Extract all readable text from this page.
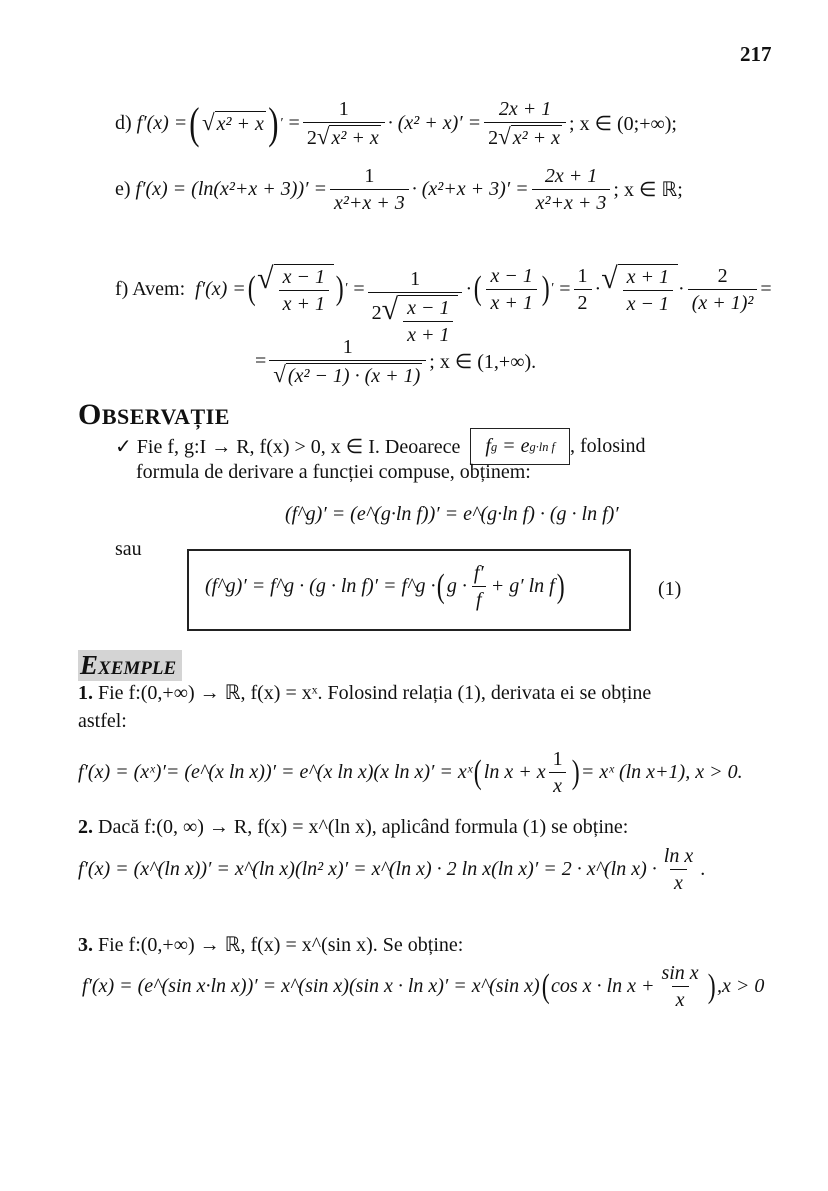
217
d)
f′(x) = ( √ x² + x ) ′ = $\frac{1}{\text{2 √ x² + x}} \cdot (x^2 + x)' = \frac{2x + 1}{\text{2 √ x² + x}}$ ; x ∈ (0;+∞);
e)
$f'(x) = (\ln(x^2+x + 3))' = \frac{1}{\text{x²+x + 3}} \cdot (x^2+x + 3)' = \frac{2x + 1}{\text{x²+x + 3}}$ ; x ∈ ℝ;
f) Avem:
f′(x) = ( √ $\frac{x - 1}{x + 1}$ ) ′ = $\frac{1}{2 √ \frac{x - 1}{x + 1}}$ · ( $\frac{x - 1}{x + 1}$ ) ′ = $\frac{1}{2}$ · √ $\frac{x + 1}{x - 1} \cdot \frac{2}{\text{(x + 1)²}}$ =
= $\frac{1}{\text{√ (x² − 1) · (x + 1)}}$ ; x ∈ (1,+∞).
OBSERVAȚIE
✓
Fie f, g:I → R, f(x) > 0, x ∈ I. Deoarece
f g
= e g·ln f , folosind
formula de derivare a funcției compuse, obținem:
(f^g)′ = (e^(g·ln f))′ = e^(g·ln f) · (g · ln f)′
sau
(f^g)′ = f^g · (g · ln f)′ = f^g · ( $g \cdot \frac{f'}{f} + g'$ ln f )	(1)
EXEMPLE
1. Fie f:(0,+∞) → ℝ, f(x) = xˣ. Folosind relația (1), derivata ei se obține
astfel:
f′(x) = (xˣ)′= (e^(x ln x))′ = e^(x ln x)(x ln x)′ = xˣ ( ln x + x $\frac{1}{x}$ ) = xˣ (ln x+1), x > 0.
2. Dacă f:(0, ∞) → R, f(x) = x^(ln x), aplicând formula (1) se obține:
f′(x) = (x^(ln x))′ = x^(ln x)(ln² x)′ = x^(ln x) · 2 ln x(ln x)′ = 2 · x^(ln $x) \cdot \frac{\text{ln x}}{x}$ .
3. Fie f:(0,+∞) → ℝ, f(x) = x^(sin x). Se obține:
f′(x) = (e^(sin x·ln x))′ = x^(sin x)(sin x · ln x)′ = x^(sin x) ( $\cos x \cdot \ln x + \frac{\text{sin x}}{x}$ ) ,x > 0
